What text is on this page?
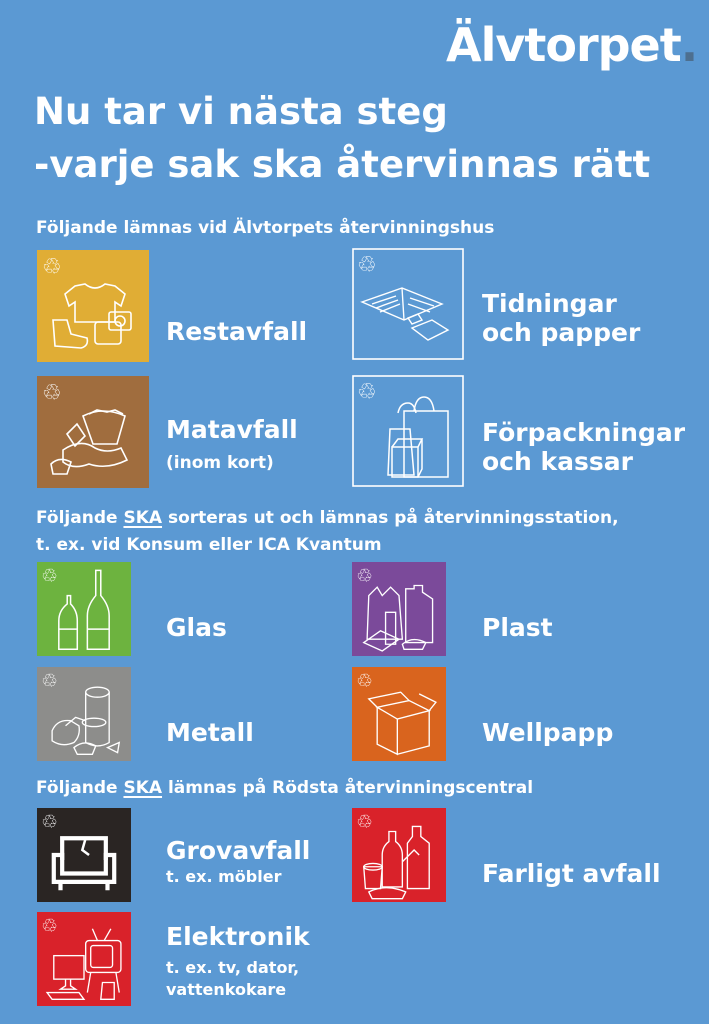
Älvtorpet.
Nu tar vi nästa steg
-varje sak ska återvinnas rätt
Följande lämnas vid Älvtorpets återvinningshus
♲
Restavfall
♲
Tidningar
och papper
♲
Matavfall
(inom kort)
♲
Förpackningar
och kassar
Följande SKA sorteras ut och lämnas på återvinningsstation,
t. ex. vid Konsum eller ICA Kvantum
♲
Glas
♲
Plast
♲
Metall
♲
Wellpapp
Följande SKA lämnas på Rödsta återvinningscentral
♲
Grovavfall
t. ex. möbler
♲
Farligt avfall
♲	Elektronik
t. ex. tv, dator,
vattenkokare
